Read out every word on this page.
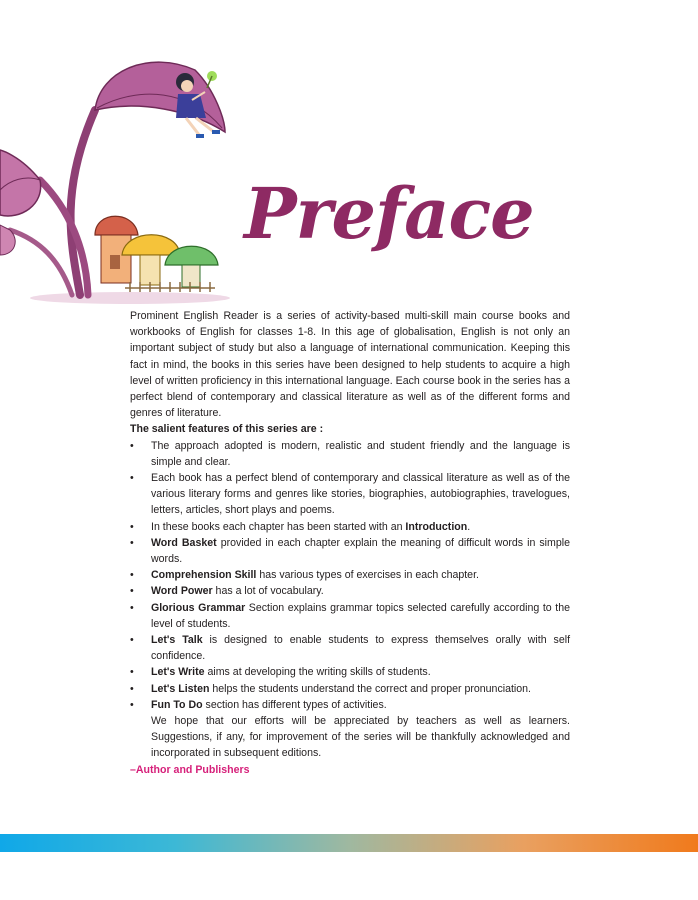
Preface

Prominent English Reader is a series of activity-based multi-skill main course books and workbooks of English for classes 1-8. In this age of globalisation, English is not only an important subject of study but also a language of international communication. Keeping this fact in mind, the books in this series have been designed to help students to acquire a high level of written proficiency in this international language. Each course book in the series has a perfect blend of contemporary and classical literature as well as of the different forms and genres of literature.

The salient features of this series are :

• The approach adopted is modern, realistic and student friendly and the language is simple and clear.
• Each book has a perfect blend of contemporary and classical literature as well as of the various literary forms and genres like stories, biographies, autobiographies, travelogues, letters, articles, short plays and poems.
• In these books each chapter has been started with an Introduction.
• Word Basket provided in each chapter explain the meaning of difficult words in simple words.
• Comprehension Skill has various types of exercises in each chapter.
• Word Power has a lot of vocabulary.
• Glorious Grammar Section explains grammar topics selected carefully according to the level of students.
• Let's Talk is designed to enable students to express themselves orally with self confidence.
• Let's Write aims at developing the writing skills of students.
• Let's Listen helps the students understand the correct and proper pronunciation.
• Fun To Do section has different types of activities.

We hope that our efforts will be appreciated by teachers as well as learners. Suggestions, if any, for improvement of the series will be thankfully acknowledged and incorporated in subsequent editions.

–Author and Publishers
